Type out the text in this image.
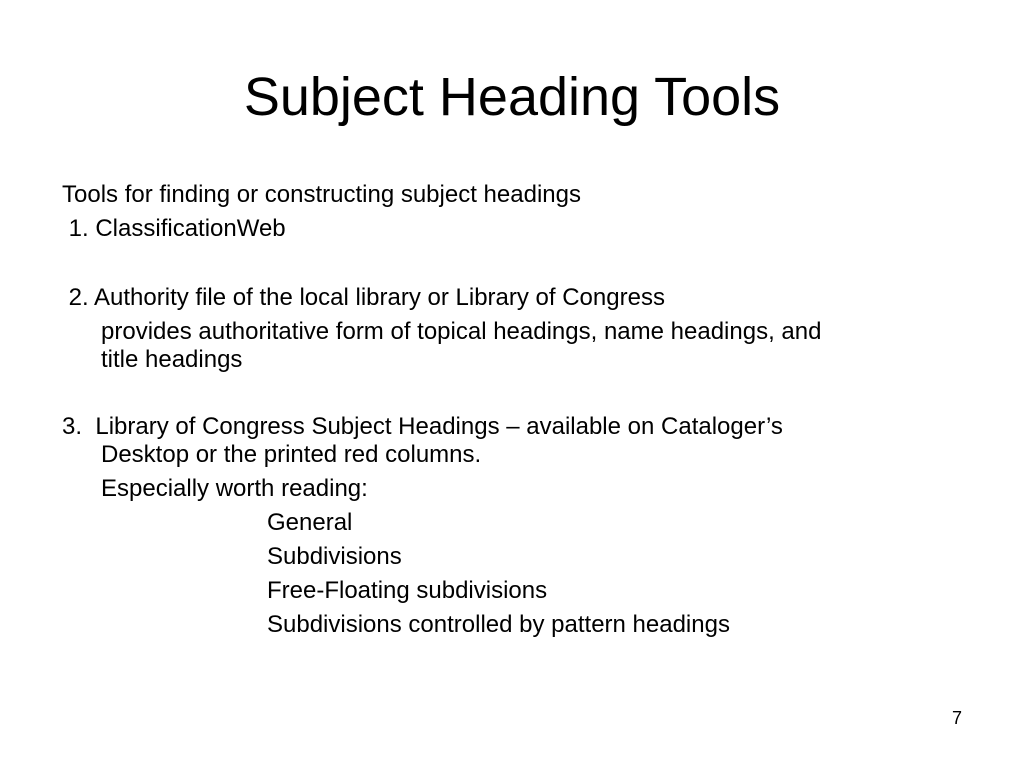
Subject Heading Tools
Tools for finding or constructing subject headings
1. ClassificationWeb
2. Authority file of the local library or Library of Congress
provides authoritative form of topical headings, name headings, and
title headings
3.  Library of Congress Subject Headings – available on Cataloger’s
Desktop or the printed red columns.
Especially worth reading:
General
Subdivisions
Free-Floating subdivisions
Subdivisions controlled by pattern headings
7
